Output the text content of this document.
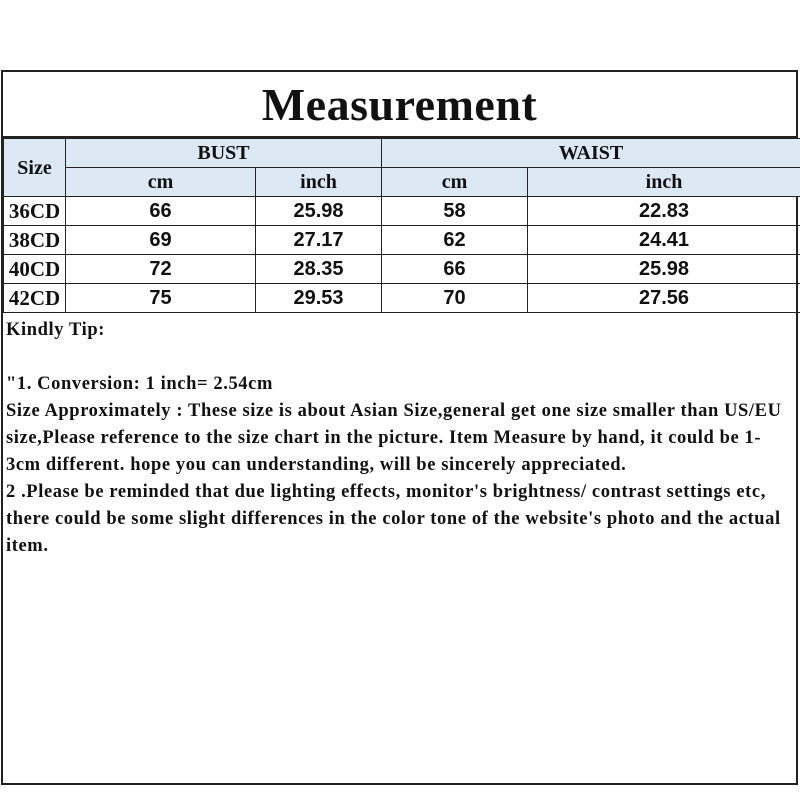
Measurement
Size	BUST		WAIST	
	cm	inch	cm	inch
36CD	66	25.98	58	22.83
38CD	69	27.17	62	24.41
40CD	72	28.35	66	25.98
42CD	75	29.53	70	27.56

Kindly Tip:

"1. Conversion: 1 inch= 2.54cm

Size Approximately : These size is about Asian Size,general get one size smaller than US/EU size,Please reference to the size chart in the picture. Item Measure by hand, it could be 1-3cm different. hope you can understanding, will be sincerely appreciated.

2 .Please be reminded that due lighting effects, monitor's brightness/ contrast settings etc, there could be some slight differences in the color tone of the website's photo and the actual item.
